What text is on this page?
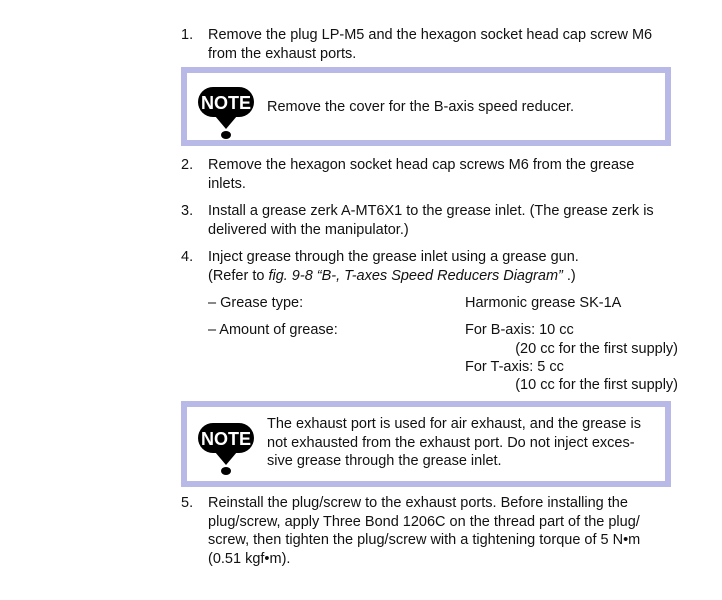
1.	Remove the plug LP-M5 and the hexagon socket head cap screw M6
from the exhaust ports.
NOTE Remove the cover for the B-axis speed reducer.
2.	Remove the hexagon socket head cap screws M6 from the grease
inlets.
3.	Install a grease zerk A-MT6X1 to the grease inlet. (The grease zerk is
delivered with the manipulator.)
4.	Inject grease through the grease inlet using a grease gun.
(Refer to fig. 9-8 “B-, T-axes Speed Reducers Diagram” .)
– Grease type:	Harmonic grease SK-1A
– Amount of grease:	For B-axis: 10 cc
(20 cc for the first supply)
For T-axis: 5 cc
(10 cc for the first supply)
NOTE
The exhaust port is used for air exhaust, and the grease is
not exhausted from the exhaust port. Do not inject exces-
sive grease through the grease inlet.
5.	Reinstall the plug/screw to the exhaust ports. Before installing the
plug/screw, apply Three Bond 1206C on the thread part of the plug/
screw, then tighten the plug/screw with a tightening torque of 5 N•m
(0.51 kgf•m).
